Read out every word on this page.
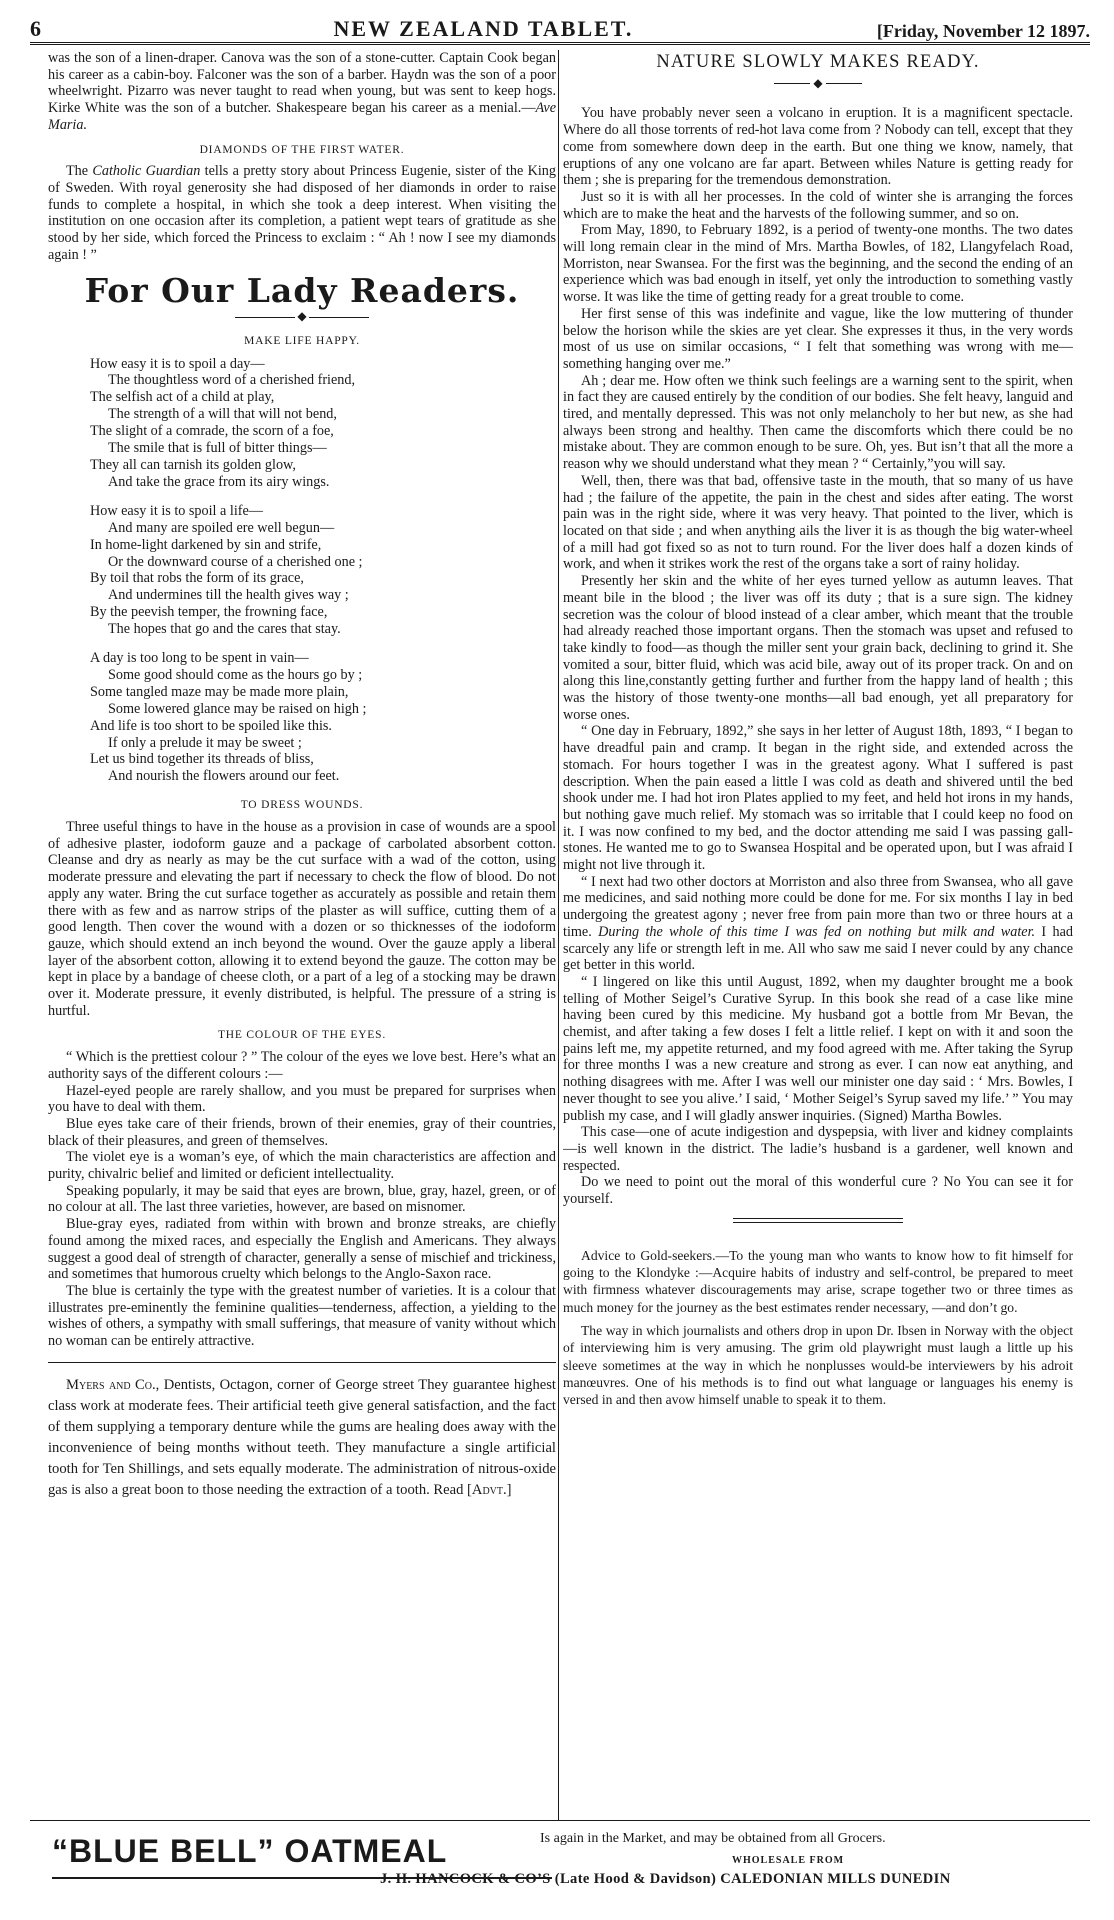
6	NEW ZEALAND TABLET.	[Friday, November 12 1897.

was the son of a linen-draper. Canova was the son of a stone-cutter. Captain Cook began his career as a cabin-boy. Falconer was the son of a barber. Haydn was the son of a poor wheelwright. Pizarro was never taught to read when young, but was sent to keep hogs. Kirke White was the son of a butcher. Shakespeare began his career as a menial.—Ave Maria.

DIAMONDS OF THE FIRST WATER.

The Catholic Guardian tells a pretty story about Princess Eugenie, sister of the King of Sweden. With royal generosity she had disposed of her diamonds in order to raise funds to complete a hospital, in which she took a deep interest. When visiting the institution on one occasion after its completion, a patient wept tears of gratitude as she stood by her side, which forced the Princess to exclaim : “ Ah ! now I see my diamonds again ! ”

For Our Lady Readers.
◆
MAKE LIFE HAPPY.
How easy it is to spoil a day—
The thoughtless word of a cherished friend,
The selfish act of a child at play,
The strength of a will that will not bend,
The slight of a comrade, the scorn of a foe,
The smile that is full of bitter things—
They all can tarnish its golden glow,
And take the grace from its airy wings.
How easy it is to spoil a life—
And many are spoiled ere well begun—
In home-light darkened by sin and strife,
Or the downward course of a cherished one ;
By toil that robs the form of its grace,
And undermines till the health gives way ;
By the peevish temper, the frowning face,
The hopes that go and the cares that stay.
A day is too long to be spent in vain—
Some good should come as the hours go by ;
Some tangled maze may be made more plain,
Some lowered glance may be raised on high ;
And life is too short to be spoiled like this.
If only a prelude it may be sweet ;
Let us bind together its threads of bliss,
And nourish the flowers around our feet.
TO DRESS WOUNDS.

Three useful things to have in the house as a provision in case of wounds are a spool of adhesive plaster, iodoform gauze and a package of carbolated absorbent cotton. Cleanse and dry as nearly as may be the cut surface with a wad of the cotton, using moderate pressure and elevating the part if necessary to check the flow of blood. Do not apply any water. Bring the cut surface together as accurately as possible and retain them there with as few and as narrow strips of the plaster as will suffice, cutting them of a good length. Then cover the wound with a dozen or so thicknesses of the iodoform gauze, which should extend an inch beyond the wound. Over the gauze apply a liberal layer of the absorbent cotton, allowing it to extend beyond the gauze. The cotton may be kept in place by a bandage of cheese cloth, or a part of a leg of a stocking may be drawn over it. Moderate pressure, it evenly distributed, is helpful. The pressure of a string is hurtful.

THE COLOUR OF THE EYES.

“ Which is the prettiest colour ? ” The colour of the eyes we love best. Here’s what an authority says of the different colours :—

Hazel-eyed people are rarely shallow, and you must be prepared for surprises when you have to deal with them.

Blue eyes take care of their friends, brown of their enemies, gray of their countries, black of their pleasures, and green of themselves.

The violet eye is a woman’s eye, of which the main characteristics are affection and purity, chivalric belief and limited or deficient intellectuality.

Speaking popularly, it may be said that eyes are brown, blue, gray, hazel, green, or of no colour at all. The last three varieties, however, are based on misnomer.

Blue-gray eyes, radiated from within with brown and bronze streaks, are chiefly found among the mixed races, and especially the English and Americans. They always suggest a good deal of strength of character, generally a sense of mischief and trickiness, and sometimes that humorous cruelty which belongs to the Anglo-Saxon race.

The blue is certainly the type with the greatest number of varieties. It is a colour that illustrates pre-eminently the feminine qualities—tenderness, affection, a yielding to the wishes of others, a sympathy with small sufferings, that measure of vanity without which no woman can be entirely attractive.

Myers and Co., Dentists, Octagon, corner of George street They guarantee highest class work at moderate fees. Their artificial teeth give general satisfaction, and the fact of them supplying a temporary denture while the gums are healing does away with the inconvenience of being months without teeth. They manufacture a single artificial tooth for Ten Shillings, and sets equally moderate. The administration of nitrous-oxide gas is also a great boon to those needing the extraction of a tooth. Read [Advt.]

NATURE SLOWLY MAKES READY.
◆

You have probably never seen a volcano in eruption. It is a magnificent spectacle. Where do all those torrents of red-hot lava come from ? Nobody can tell, except that they come from somewhere down deep in the earth. But one thing we know, namely, that eruptions of any one volcano are far apart. Between whiles Nature is getting ready for them ; she is preparing for the tremendous demonstration.

Just so it is with all her processes. In the cold of winter she is arranging the forces which are to make the heat and the harvests of the following summer, and so on.

From May, 1890, to February 1892, is a period of twenty-one months. The two dates will long remain clear in the mind of Mrs. Martha Bowles, of 182, Llangyfelach Road, Morriston, near Swansea. For the first was the beginning, and the second the ending of an experience which was bad enough in itself, yet only the introduction to something vastly worse. It was like the time of getting ready for a great trouble to come.

Her first sense of this was indefinite and vague, like the low muttering of thunder below the horison while the skies are yet clear. She expresses it thus, in the very words most of us use on similar occasions, “ I felt that something was wrong with me—something hanging over me.”

Ah ; dear me. How often we think such feelings are a warning sent to the spirit, when in fact they are caused entirely by the condition of our bodies. She felt heavy, languid and tired, and mentally depressed. This was not only melancholy to her but new, as she had always been strong and healthy. Then came the discomforts which there could be no mistake about. They are common enough to be sure. Oh, yes. But isn’t that all the more a reason why we should understand what they mean ? “ Certainly,”you will say.

Well, then, there was that bad, offensive taste in the mouth, that so many of us have had ; the failure of the appetite, the pain in the chest and sides after eating. The worst pain was in the right side, where it was very heavy. That pointed to the liver, which is located on that side ; and when anything ails the liver it is as though the big water-wheel of a mill had got fixed so as not to turn round. For the liver does half a dozen kinds of work, and when it strikes work the rest of the organs take a sort of rainy holiday.

Presently her skin and the white of her eyes turned yellow as autumn leaves. That meant bile in the blood ; the liver was off its duty ; that is a sure sign. The kidney secretion was the colour of blood instead of a clear amber, which meant that the trouble had already reached those important organs. Then the stomach was upset and refused to take kindly to food—as though the miller sent your grain back, declining to grind it. She vomited a sour, bitter fluid, which was acid bile, away out of its proper track. On and on along this line,constantly getting further and further from the happy land of health ; this was the history of those twenty-one months—all bad enough, yet all preparatory for worse ones.

“ One day in February, 1892,” she says in her letter of August 18th, 1893, “ I began to have dreadful pain and cramp. It began in the right side, and extended across the stomach. For hours together I was in the greatest agony. What I suffered is past description. When the pain eased a little I was cold as death and shivered until the bed shook under me. I had hot iron Plates applied to my feet, and held hot irons in my hands, but nothing gave much relief. My stomach was so irritable that I could keep no food on it. I was now confined to my bed, and the doctor attending me said I was passing gall-stones. He wanted me to go to Swansea Hospital and be operated upon, but I was afraid I might not live through it.

“ I next had two other doctors at Morriston and also three from Swansea, who all gave me medicines, and said nothing more could be done for me. For six months I lay in bed undergoing the greatest agony ; never free from pain more than two or three hours at a time. During the whole of this time I was fed on nothing but milk and water. I had scarcely any life or strength left in me. All who saw me said I never could by any chance get better in this world.

“ I lingered on like this until August, 1892, when my daughter brought me a book telling of Mother Seigel’s Curative Syrup. In this book she read of a case like mine having been cured by this medicine. My husband got a bottle from Mr Bevan, the chemist, and after taking a few doses I felt a little relief. I kept on with it and soon the pains left me, my appetite returned, and my food agreed with me. After taking the Syrup for three months I was a new creature and strong as ever. I can now eat anything, and nothing disagrees with me. After I was well our minister one day said : ‘ Mrs. Bowles, I never thought to see you alive.’ I said, ‘ Mother Seigel’s Syrup saved my life.’ ” You may publish my case, and I will gladly answer inquiries. (Signed) Martha Bowles.

This case—one of acute indigestion and dyspepsia, with liver and kidney complaints—is well known in the district. The ladie’s husband is a gardener, well known and respected.

Do we need to point out the moral of this wonderful cure ? No You can see it for yourself.

Advice to Gold-seekers.—To the young man who wants to know how to fit himself for going to the Klondyke :—Acquire habits of industry and self-control, be prepared to meet with firmness whatever discouragements may arise, scrape together two or three times as much money for the journey as the best estimates render necessary, —and don’t go.

The way in which journalists and others drop in upon Dr. Ibsen in Norway with the object of interviewing him is very amusing. The grim old playwright must laugh a little up his sleeve sometimes at the way in which he nonplusses would-be interviewers by his adroit manœuvres. One of his methods is to find out what language or languages his enemy is versed in and then avow himself unable to speak it to them.

“BLUE BELL” OATMEAL	Is again in the Market, and may be obtained from all Grocers.
WHOLESALE FROM
J. H. HANCOCK & CO’S (Late Hood & Davidson) CALEDONIAN MILLS DUNEDIN
